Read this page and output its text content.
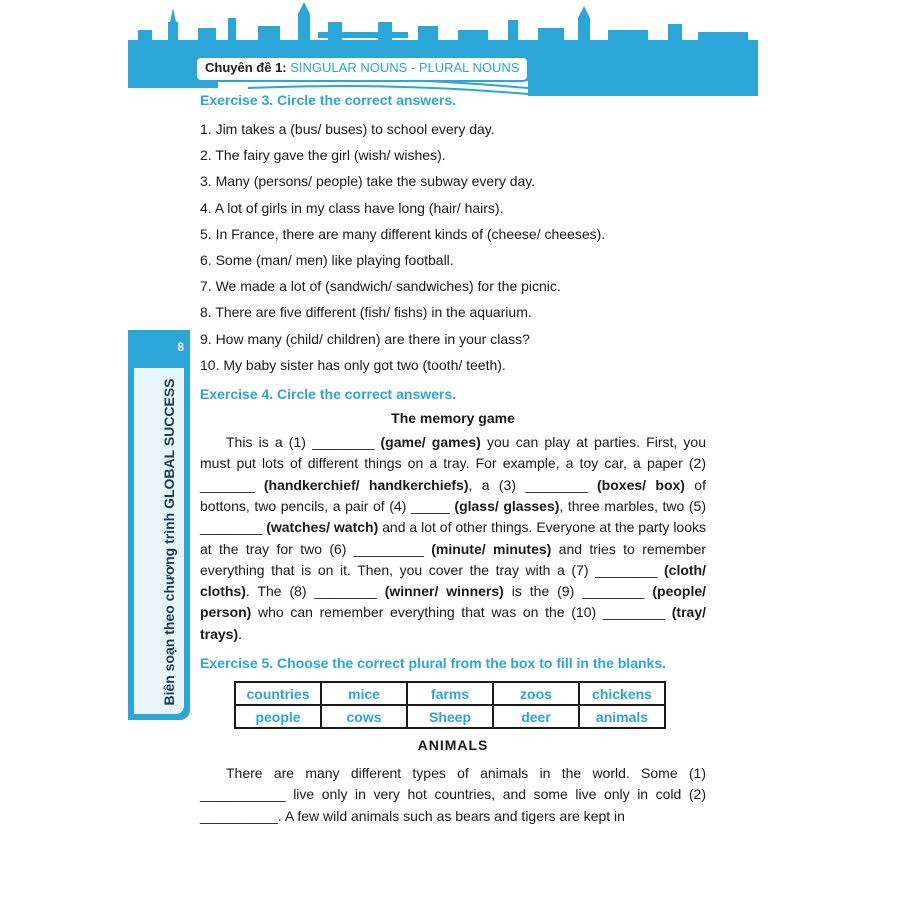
Chuyên đề 1: SINGULAR NOUNS - PLURAL NOUNS
8
Biên soạn theo chương trình GLOBAL SUCCESS

Exercise 3. Circle the correct answers.

1. Jim takes a (bus/ buses) to school every day.
2. The fairy gave the girl (wish/ wishes).
3. Many (persons/ people) take the subway every day.
4. A lot of girls in my class have long (hair/ hairs).
5. In France, there are many different kinds of (cheese/ cheeses).
6. Some (man/ men) like playing football.
7. We made a lot of (sandwich/ sandwiches) for the picnic.
8. There are five different (fish/ fishs) in the aquarium.
9. How many (child/ children) are there in your class?
10. My baby sister has only got two (tooth/ teeth).

Exercise 4. Circle the correct answers.

The memory game

This is a (1) ________ (game/ games) you can play at parties. First, you must put lots of different things on a tray. For example, a toy car, a paper (2) _______ (handkerchief/ handkerchiefs), a (3) ________ (boxes/ box) of bottons, two pencils, a pair of (4) _____ (glass/ glasses), three marbles, two (5) ________ (watches/ watch) and a lot of other things. Everyone at the party looks at the tray for two (6) _________ (minute/ minutes) and tries to remember everything that is on it. Then, you cover the tray with a (7) ________ (cloth/ cloths). The (8) ________ (winner/ winners) is the (9) ________ (people/ person) who can remember everything that was on the (10) ________ (tray/ trays).

Exercise 5. Choose the correct plural from the box to fill in the blanks.

countries	mice	farms	zoos	chickens
people	cows	Sheep	deer	animals
ANIMALS

There are many different types of animals in the world. Some (1) ___________ live only in very hot countries, and some live only in cold (2) __________. A few wild animals such as bears and tigers are kept in
